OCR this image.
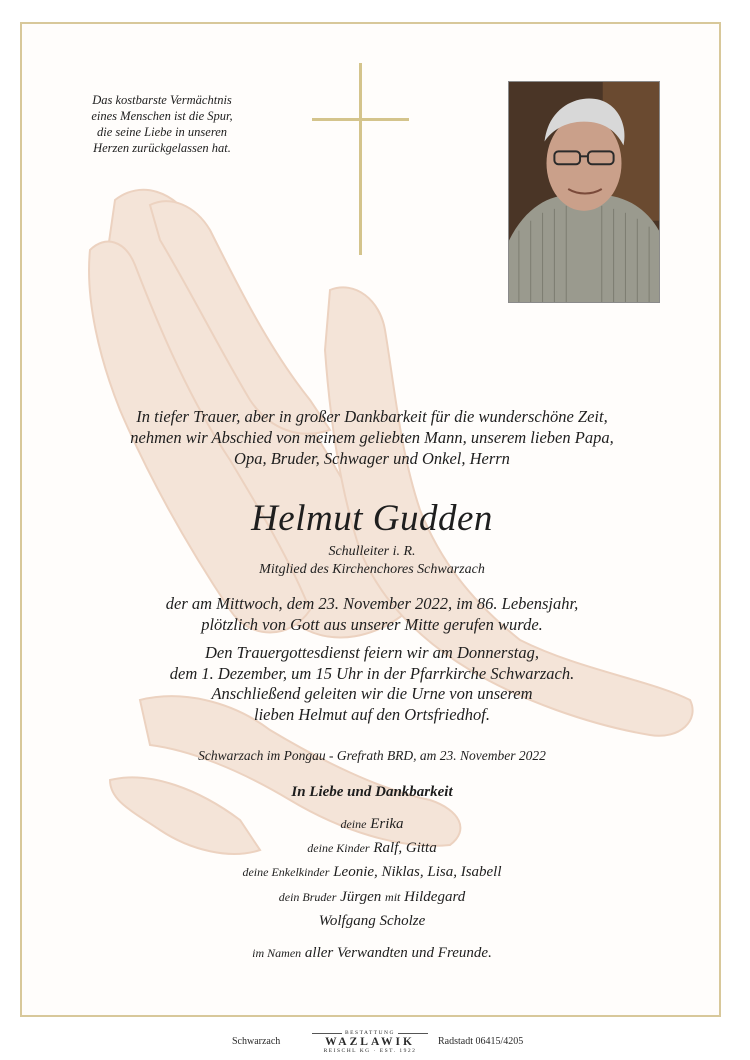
Das kostbarste Vermächtnis
eines Menschen ist die Spur,
die seine Liebe in unseren
Herzen zurückgelassen hat.
In tiefer Trauer, aber in großer Dankbarkeit für die wunderschöne Zeit,
nehmen wir Abschied von meinem geliebten Mann, unserem lieben Papa,
Opa, Bruder, Schwager und Onkel, Herrn
Helmut Gudden
Schulleiter i. R.
Mitglied des Kirchenchores Schwarzach
der am Mittwoch, dem 23. November 2022, im 86. Lebensjahr,
plötzlich von Gott aus unserer Mitte gerufen wurde.
Den Trauergottesdienst feiern wir am Donnerstag,
dem 1. Dezember, um 15 Uhr in der Pfarrkirche Schwarzach.
Anschließend geleiten wir die Urne von unserem
lieben Helmut auf den Ortsfriedhof.
Schwarzach im Pongau - Grefrath BRD, am 23. November 2022
In Liebe und Dankbarkeit
deine Erika
deine Kinder Ralf, Gitta
deine Enkelkinder Leonie, Niklas, Lisa, Isabell
dein Bruder Jürgen mit Hildegard
Wolfgang Scholze
im Namen aller Verwandten und Freunde.
Schwarzach
BESTATTUNG
WAZLAWIK
REISCHL KG · EST. 1922
Radstadt 06415/4205
